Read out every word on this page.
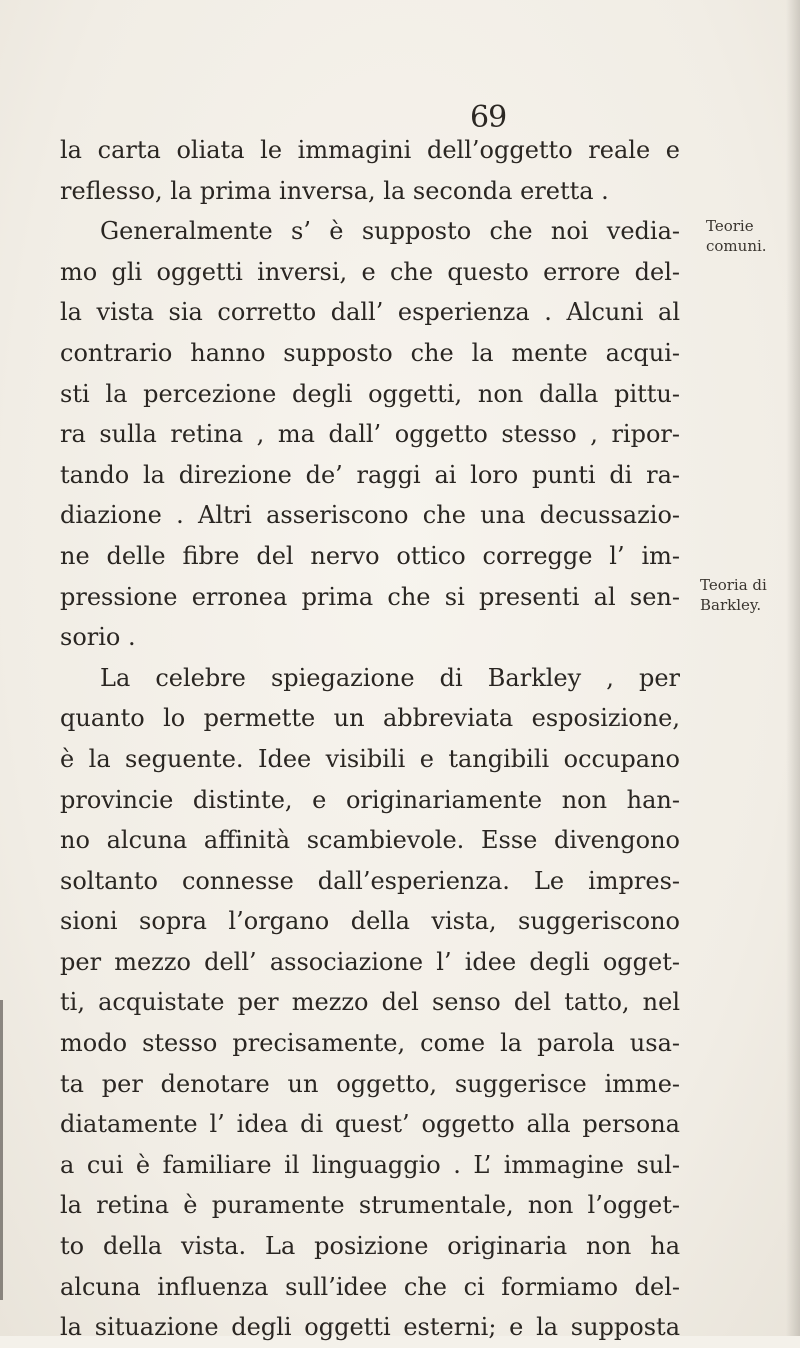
69
la carta oliata le immagini dell’oggetto reale e
reflesso, la prima inversa, la seconda eretta .
Generalmente s’ è supposto che noi vedia-
mo gli oggetti inversi, e che questo errore del-
la vista sia corretto dall’ esperienza . Alcuni al
contrario hanno supposto che la mente acqui-
sti la percezione degli oggetti, non dalla pittu-
ra sulla retina , ma dall’ oggetto stesso , ripor-
tando la direzione de’ raggi ai loro punti di ra-
diazione . Altri asseriscono che una decussazio-
ne delle fibre del nervo ottico corregge l’ im-
pressione erronea prima che si presenti al sen-
sorio .
La celebre spiegazione di Barkley , per
quanto lo permette un abbreviata esposizione,
è la seguente. Idee visibili e tangibili occupano
provincie distinte, e originariamente non han-
no alcuna affinità scambievole. Esse divengono
soltanto connesse dall’esperienza. Le impres-
sioni sopra l’organo della vista, suggeriscono
per mezzo dell’ associazione l’ idee degli ogget-
ti, acquistate per mezzo del senso del tatto, nel
modo stesso precisamente, come la parola usa-
ta per denotare un oggetto, suggerisce imme-
diatamente l’ idea di quest’ oggetto alla persona
a cui è familiare il linguaggio . L’ immagine sul-
la retina è puramente strumentale, non l’ogget-
to della vista. La posizione originaria non ha
alcuna influenza sull’idee che ci formiamo del-
la situazione degli oggetti esterni; e la supposta
Teorie
comuni.
Teoria di
Barkley.
